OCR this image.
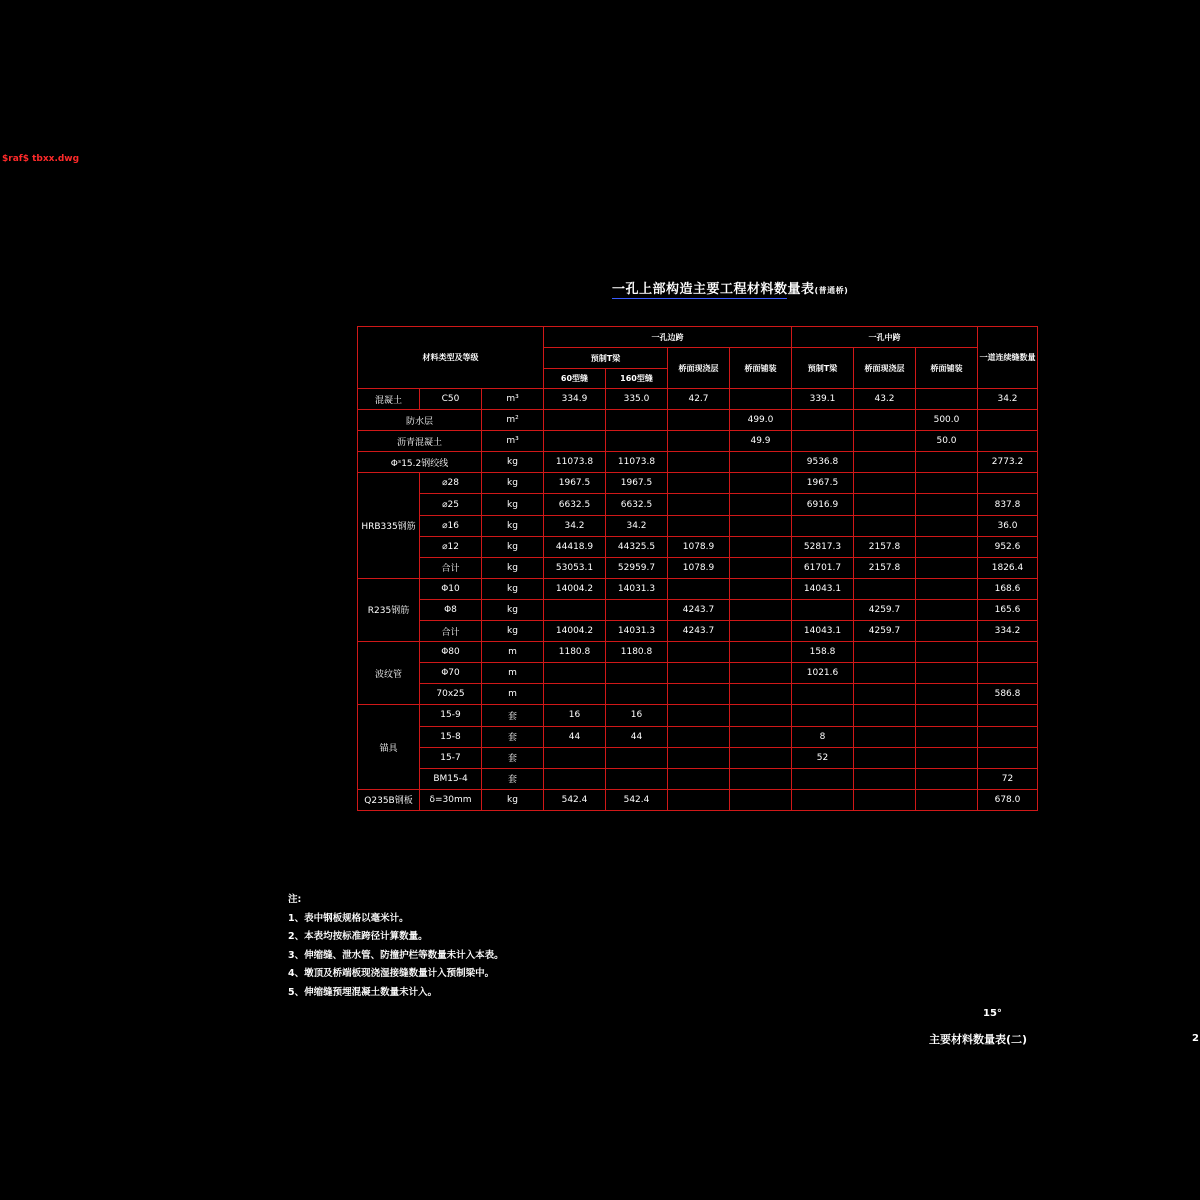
$raf$ tbxx.dwg
一孔上部构造主要工程材料数量表(普通桥)
材料类型及等级			一孔边跨				一孔中跨			一道连续缝数量
			预制T梁		桥面现浇层	桥面铺装	预制T梁	桥面现浇层	桥面铺装	
			60型缝	160型缝						
混凝土	C50	m³	334.9	335.0	42.7		339.1	43.2		34.2
防水层		m²				499.0			500.0	
沥青混凝土		m³				49.9			50.0	
Φˢ15.2钢绞线		kg	11073.8	11073.8			9536.8			2773.2
HRB335钢筋	⌀28	kg	1967.5	1967.5			1967.5			
	⌀25	kg	6632.5	6632.5			6916.9			837.8
	⌀16	kg	34.2	34.2						36.0
	⌀12	kg	44418.9	44325.5	1078.9		52817.3	2157.8		952.6
	合计	kg	53053.1	52959.7	1078.9		61701.7	2157.8		1826.4
R235钢筋	Φ10	kg	14004.2	14031.3			14043.1			168.6
	Φ8	kg			4243.7			4259.7		165.6
	合计	kg	14004.2	14031.3	4243.7		14043.1	4259.7		334.2
波纹管	Φ80	m	1180.8	1180.8			158.8			
	Φ70	m					1021.6			
	70x25	m								586.8
锚具	15-9	套	16	16						
	15-8	套	44	44			8			
	15-7	套					52			
	BM15-4	套								72
Q235B钢板	δ=30mm	kg	542.4	542.4						678.0
注:
1、表中钢板规格以毫米计。
2、本表均按标准跨径计算数量。
3、伸缩缝、泄水管、防撞护栏等数量未计入本表。
4、墩顶及桥端板现浇湿接缝数量计入预制梁中。
5、伸缩缝预埋混凝土数量未计入。
15°
主要材料数量表(二)	2
